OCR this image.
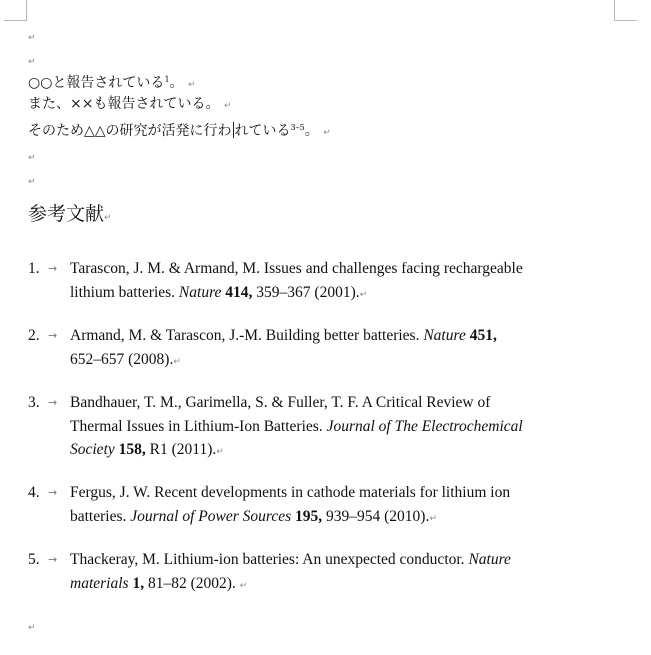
↵
↵
○○と報告されている$^1$。 ↵
また、××も報告されている。 ↵
そのため△△の研究が活発に行わ れている$^{3-5}$。 ↵
↵
↵
参考文献↵
1. → Tarascon, J. M. & Armand, M. Issues and challenges facing rechargeable
lithium batteries. Nature 414, 359–367 (2001).↵
2. → Armand, M. & Tarascon, J.-M. Building better batteries. Nature 451,
652–657 (2008).↵
3. → Bandhauer, T. M., Garimella, S. & Fuller, T. F. A Critical Review of
Thermal Issues in Lithium-Ion Batteries. Journal of The Electrochemical
Society 158, R1 (2011).↵
4. → Fergus, J. W. Recent developments in cathode materials for lithium ion
batteries. Journal of Power Sources 195, 939–954 (2010).↵
5. → Thackeray, M. Lithium-ion batteries: An unexpected conductor. Nature
materials 1, 81–82 (2002). ↵
↵
